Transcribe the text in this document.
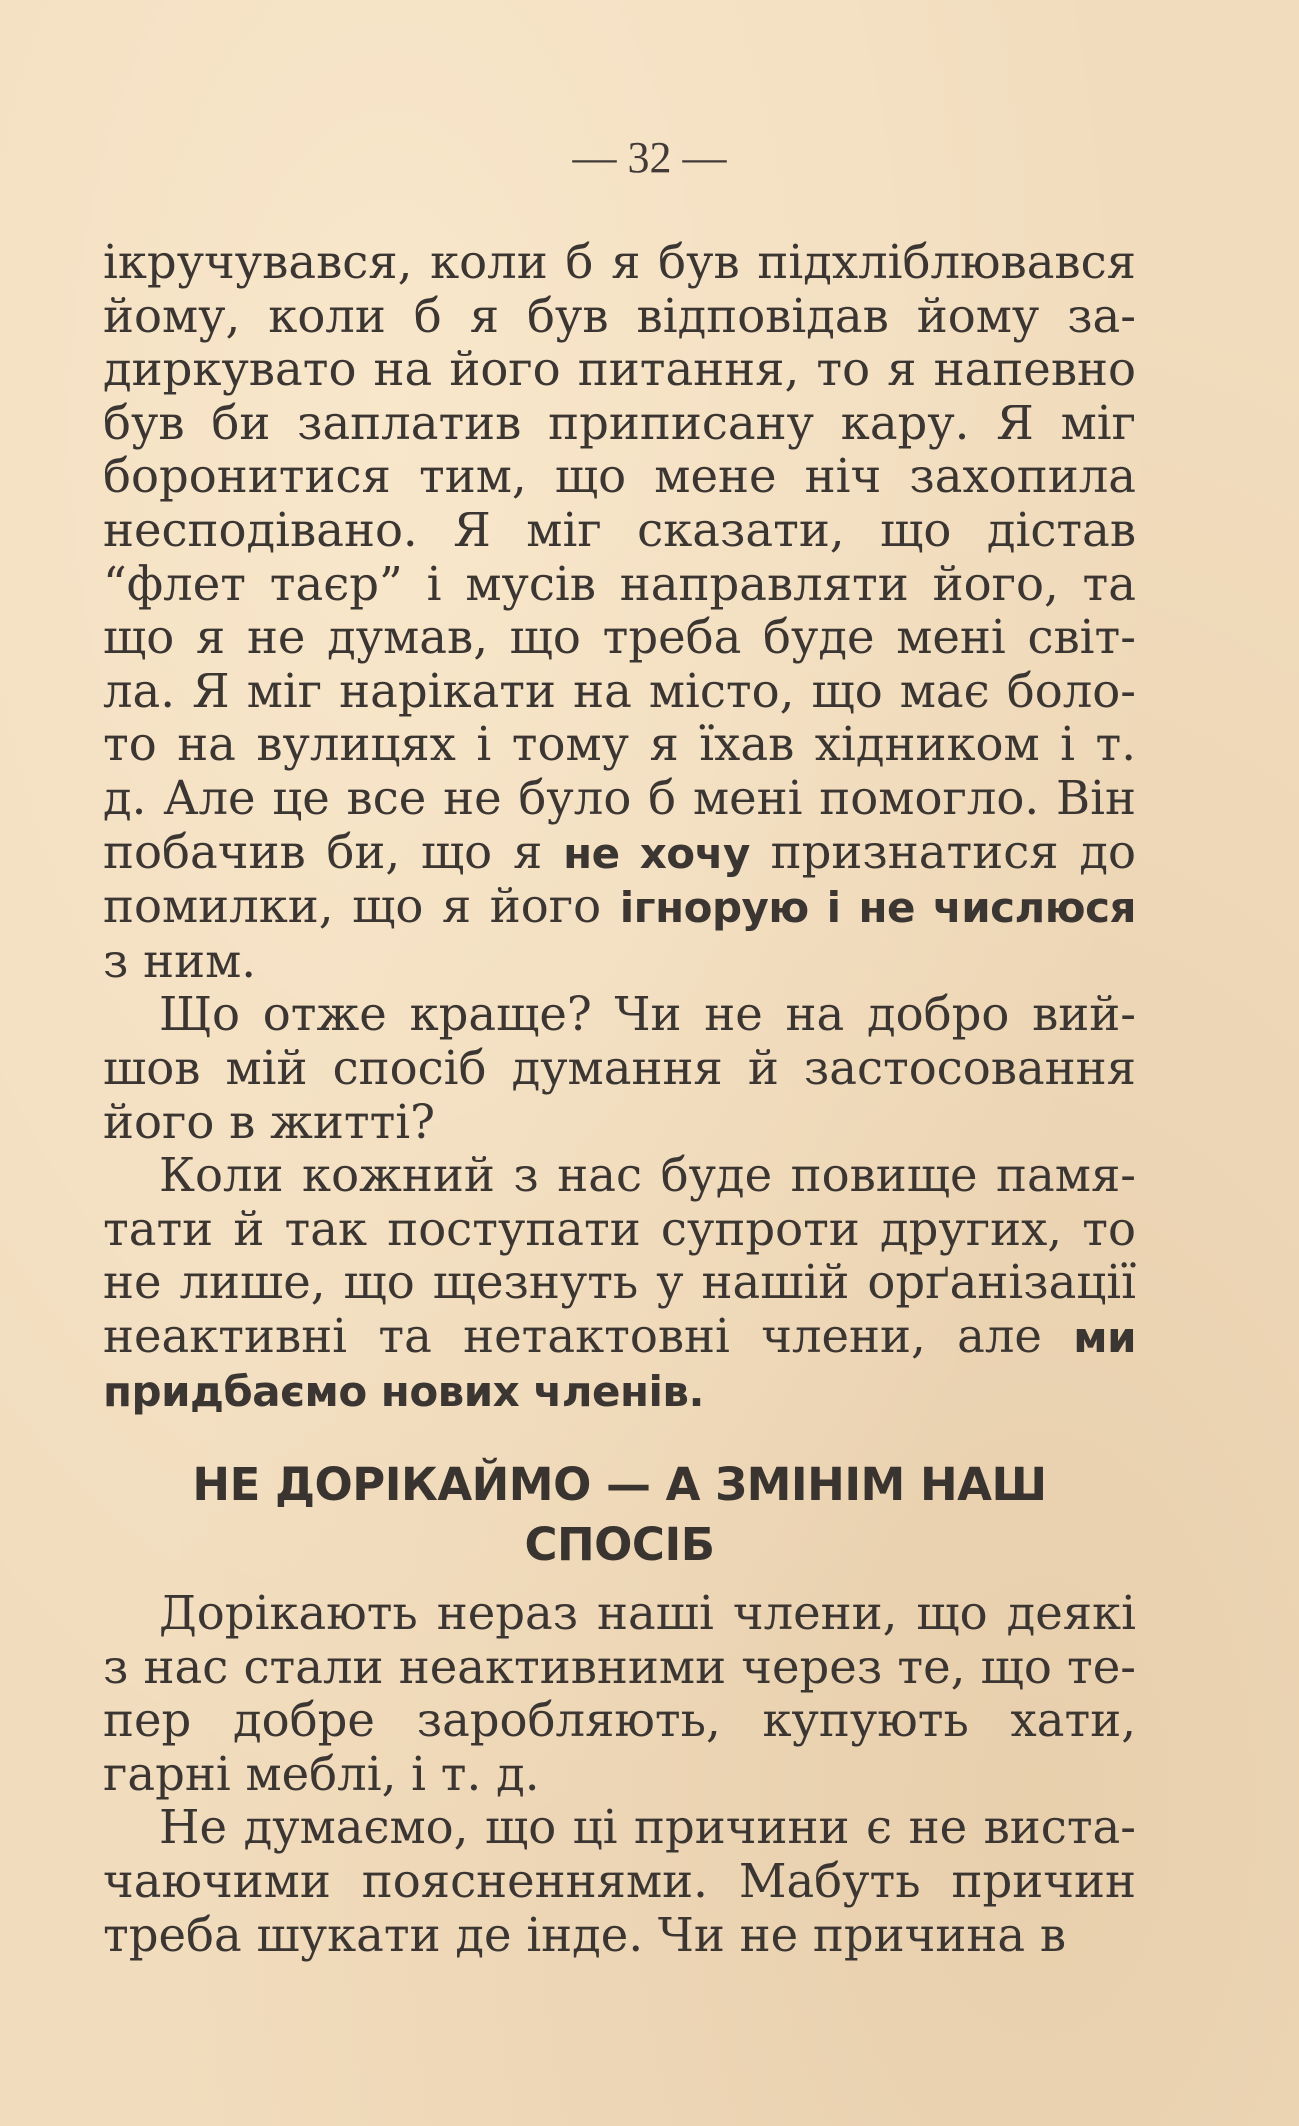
— 32 —

ікручувався, коли б я був підхліблювався йому, коли б я був відповідав йому задиркувато на його питання, то я напевно був би заплатив приписану кару. Я міг боронитися тим, що мене ніч захопила несподівано. Я міг сказати, що дістав “флет таєр” і мусів направляти його, та що я не думав, що треба буде мені світла. Я міг нарікати на місто, що має болото на вулицях і тому я їхав хідником і т. д. Але це все не було б мені помогло. Він побачив би, що я не хочу признатися до помилки, що я його ігнорую і не числюся з ним.

Що отже краще? Чи не на добро вийшов мій спосіб думання й застосовання його в житті?

Коли кожний з нас буде повище памятати й так поступати супроти других, то не лише, що щезнуть у нашій орґанізації неактивні та нетактовні члени, але ми придбаємо нових членів.

НЕ ДОРІКАЙМО — А ЗМІНІМ НАШ
СПОСІБ

Дорікають нераз наші члени, що деякі з нас стали неактивними через те, що тепер добре заробляють, купують хати, гарні меблі, і т. д.

Не думаємо, що ці причини є не вистачаючими поясненнями. Мабуть причин треба шукати де інде. Чи не причина в
